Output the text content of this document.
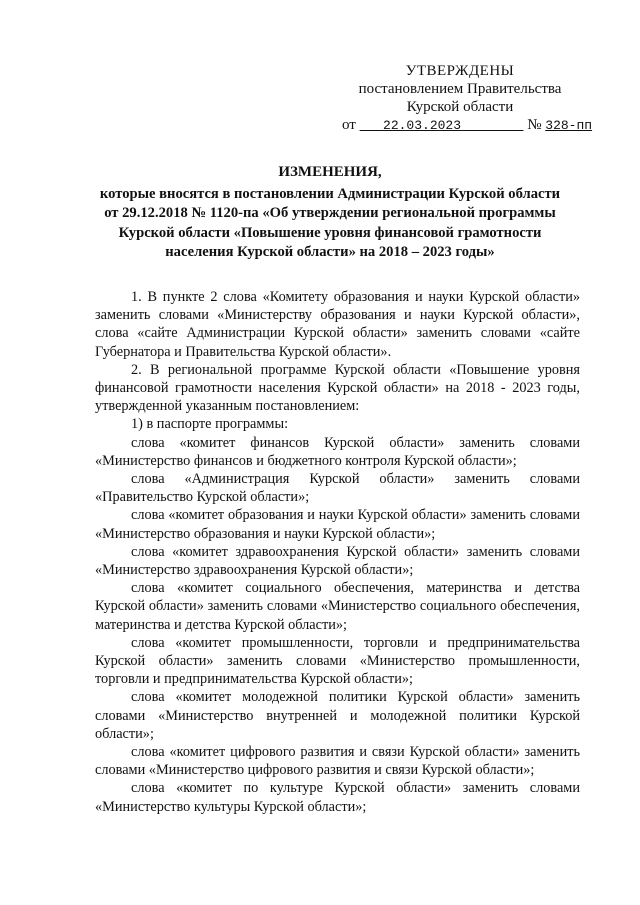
УТВЕРЖДЕНЫ
постановлением Правительства
Курской области
от 22.03.2023	№ 328-пп
ИЗМЕНЕНИЯ,
которые вносятся в постановлении Администрации Курской области
от 29.12.2018 № 1120-па «Об утверждении региональной программы
Курской области «Повышение уровня финансовой грамотности
населения Курской области» на 2018 – 2023 годы»

1. В пункте 2 слова «Комитету образования и науки Курской области» заменить словами «Министерству образования и науки Курской области», слова «сайте Администрации Курской области» заменить словами «сайте Губернатора и Правительства Курской области».

2. В региональной программе Курской области «Повышение уровня финансовой грамотности населения Курской области» на 2018 - 2023 годы, утвержденной указанным постановлением:

1) в паспорте программы:

слова «комитет финансов Курской области» заменить словами «Министерство финансов и бюджетного контроля Курской области»;

слова «Администрация Курской области» заменить словами «Правительство Курской области»;

слова «комитет образования и науки Курской области» заменить словами «Министерство образования и науки Курской области»;

слова «комитет здравоохранения Курской области» заменить словами «Министерство здравоохранения Курской области»;

слова «комитет социального обеспечения, материнства и детства Курской области» заменить словами «Министерство социального обеспечения, материнства и детства Курской области»;

слова «комитет промышленности, торговли и предпринимательства Курской области» заменить словами «Министерство промышленности, торговли и предпринимательства Курской области»;

слова «комитет молодежной политики Курской области» заменить словами «Министерство внутренней и молодежной политики Курской области»;

слова «комитет цифрового развития и связи Курской области» заменить словами «Министерство цифрового развития и связи Курской области»;

слова «комитет по культуре Курской области» заменить словами «Министерство культуры Курской области»;
